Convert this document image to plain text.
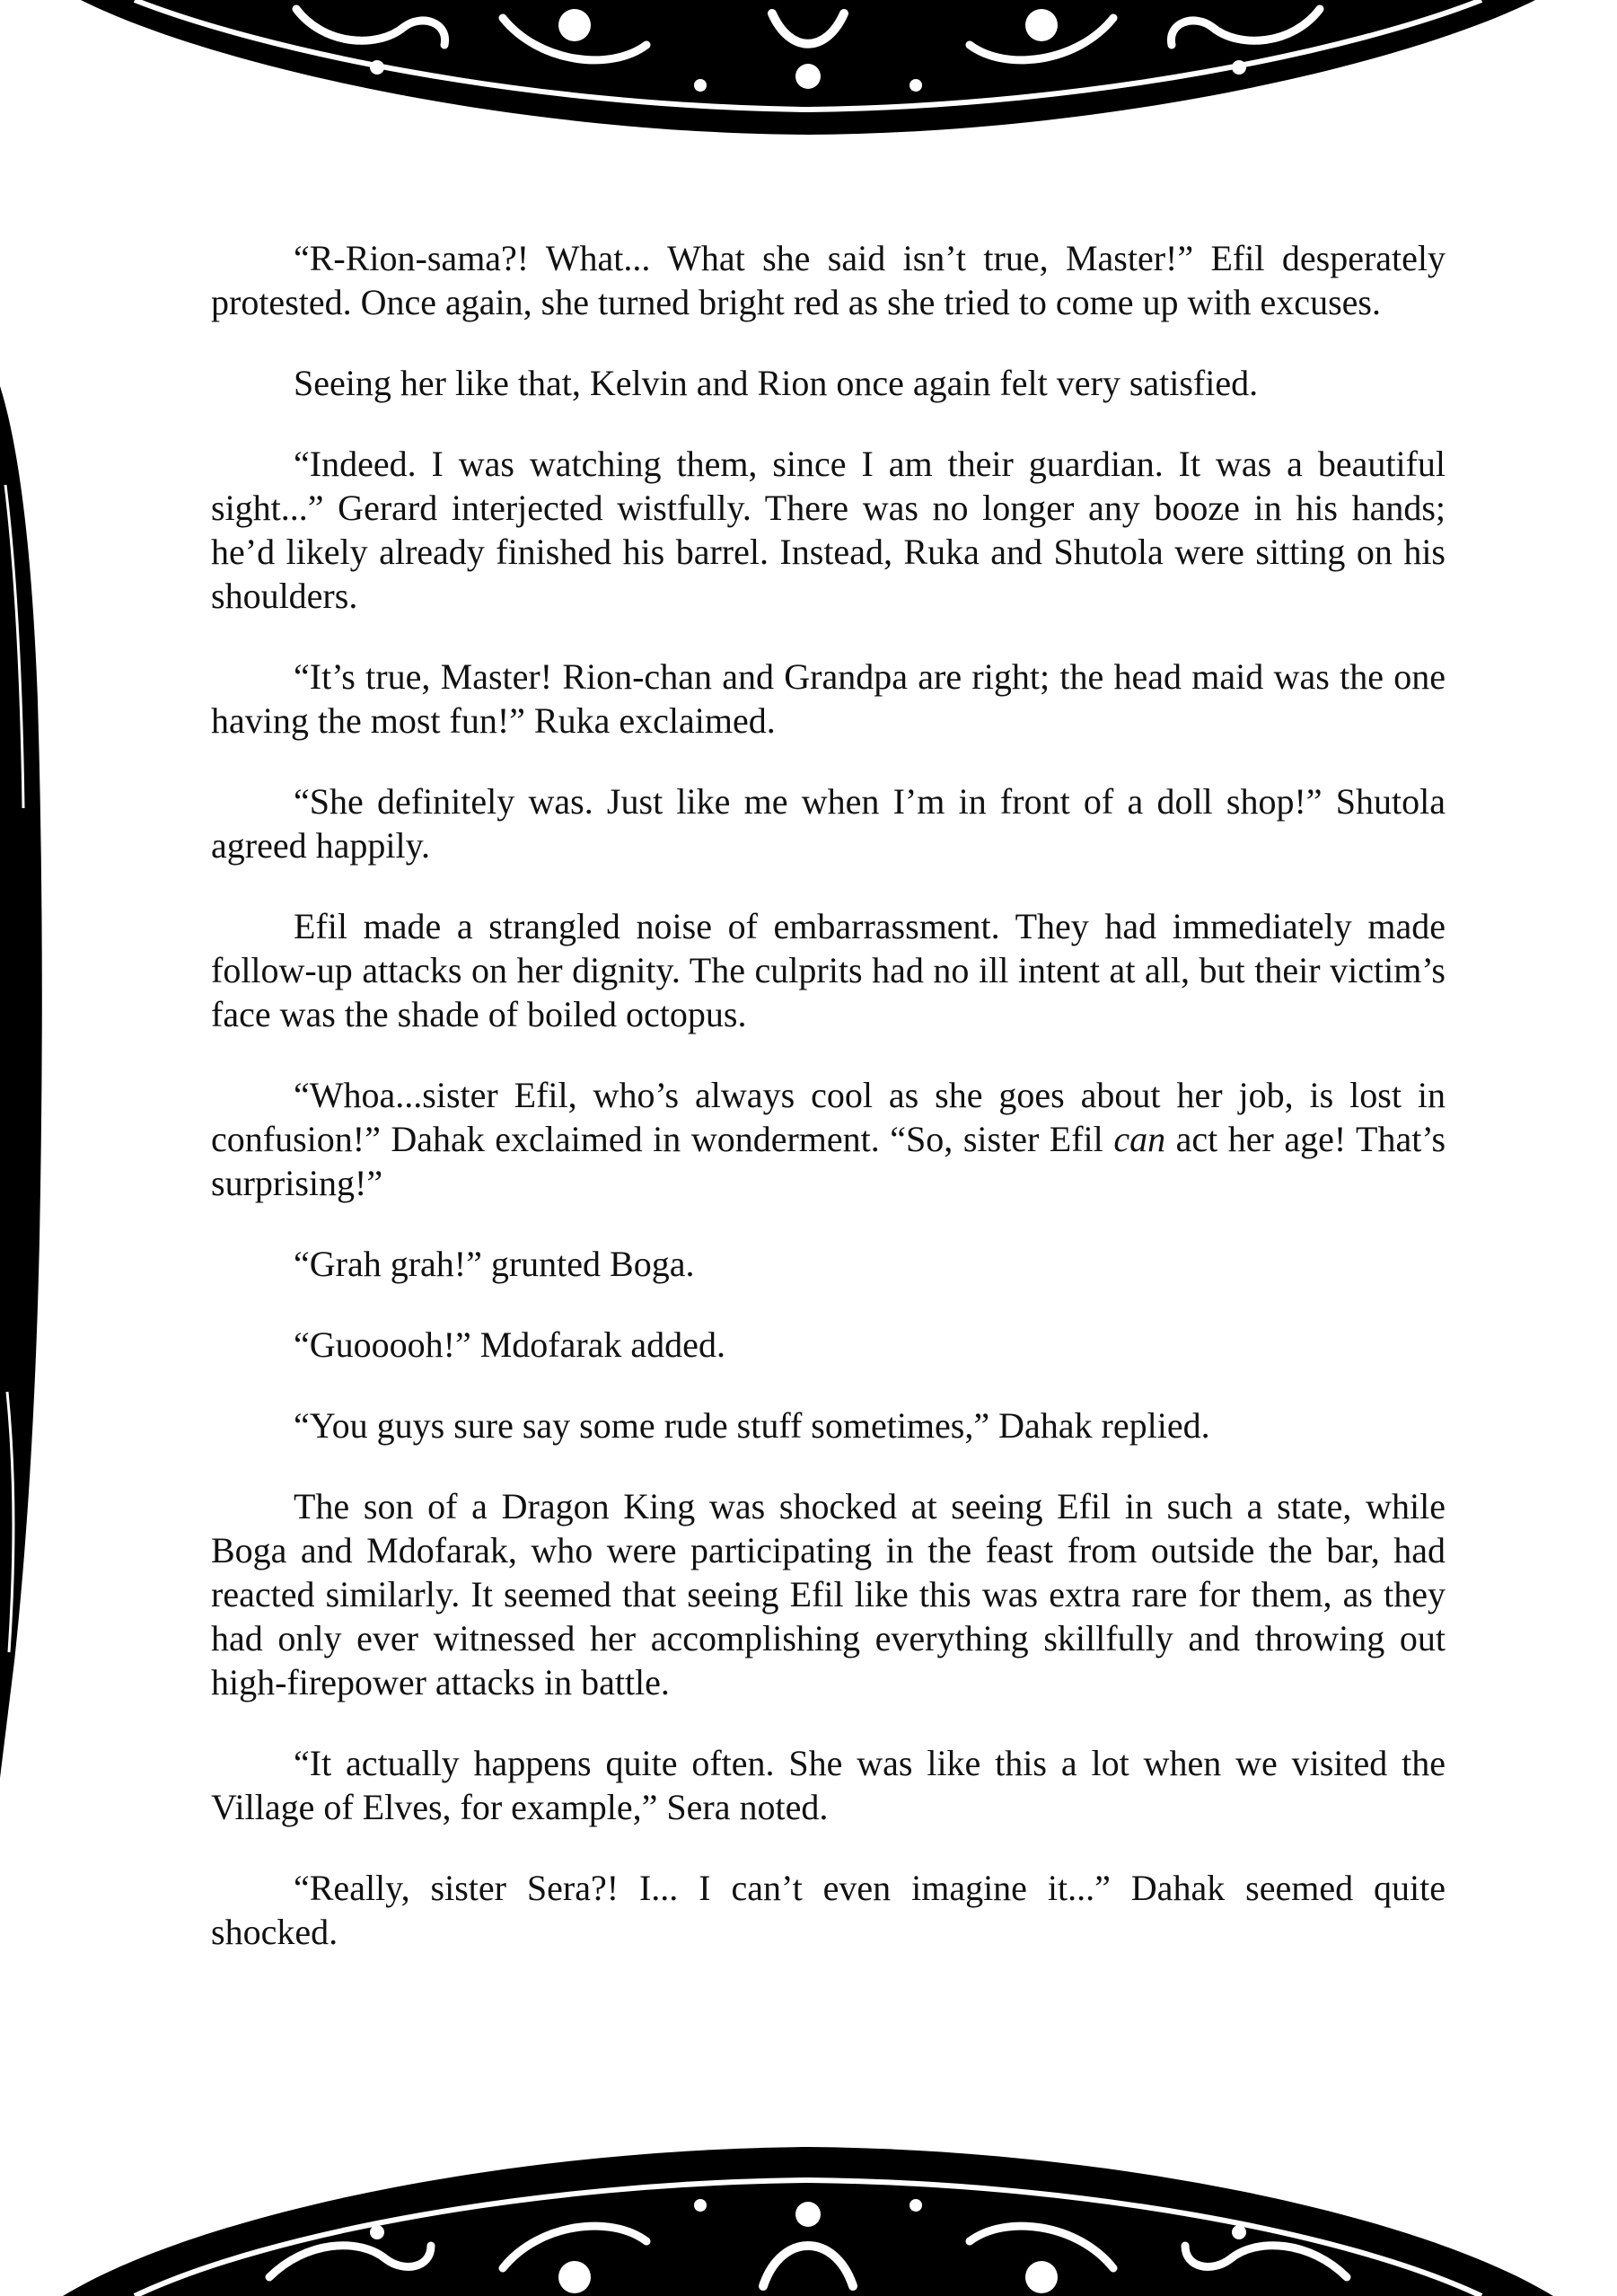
“R-Rion-sama?! What... What she said isn’t true, Master!” Efil desperately protested. Once again, she turned bright red as she tried to come up with excuses.

Seeing her like that, Kelvin and Rion once again felt very satisfied.

“Indeed. I was watching them, since I am their guardian. It was a beautiful sight...” Gerard interjected wistfully. There was no longer any booze in his hands; he’d likely already finished his barrel. Instead, Ruka and Shutola were sitting on his shoulders.

“It’s true, Master! Rion-chan and Grandpa are right; the head maid was the one having the most fun!” Ruka exclaimed.

“She definitely was. Just like me when I’m in front of a doll shop!” Shutola agreed happily.

Efil made a strangled noise of embarrassment. They had immediately made follow-up attacks on her dignity. The culprits had no ill intent at all, but their victim’s face was the shade of boiled octopus.

“Whoa...sister Efil, who’s always cool as she goes about her job, is lost in confusion!” Dahak exclaimed in wonderment. “So, sister Efil can act her age! That’s surprising!”

“Grah grah!” grunted Boga.

“Guooooh!” Mdofarak added.

“You guys sure say some rude stuff sometimes,” Dahak replied.

The son of a Dragon King was shocked at seeing Efil in such a state, while Boga and Mdofarak, who were participating in the feast from outside the bar, had reacted similarly. It seemed that seeing Efil like this was extra rare for them, as they had only ever witnessed her accomplishing everything skillfully and throwing out high-firepower attacks in battle.

“It actually happens quite often. She was like this a lot when we visited the Village of Elves, for example,” Sera noted.

“Really, sister Sera?! I... I can’t even imagine it...” Dahak seemed quite shocked.
